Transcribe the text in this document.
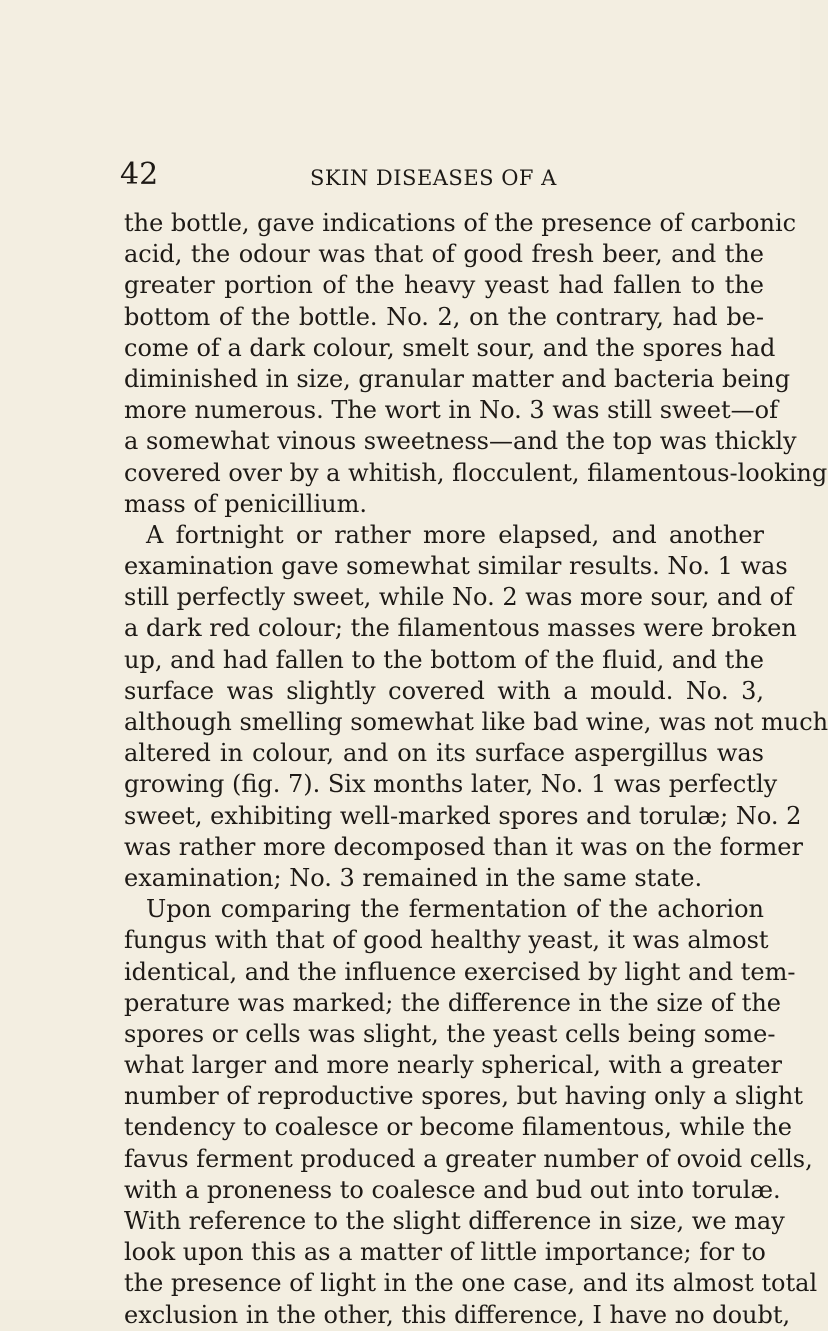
42	SKIN DISEASES OF A
the bottle, gave indications of the presence of carbonic
acid, the odour was that of good fresh beer, and the
greater portion of the heavy yeast had fallen to the
bottom of the bottle. No. 2, on the contrary, had be-
come of a dark colour, smelt sour, and the spores had
diminished in size, granular matter and bacteria being
more numerous. The wort in No. 3 was still sweet—of
a somewhat vinous sweetness—and the top was thickly
covered over by a whitish, flocculent, filamentous-looking
mass of penicillium.
A fortnight or rather more elapsed, and another
examination gave somewhat similar results. No. 1 was
still perfectly sweet, while No. 2 was more sour, and of
a dark red colour; the filamentous masses were broken
up, and had fallen to the bottom of the fluid, and the
surface was slightly covered with a mould. No. 3,
although smelling somewhat like bad wine, was not much
altered in colour, and on its surface aspergillus was
growing (fig. 7). Six months later, No. 1 was perfectly
sweet, exhibiting well-marked spores and torulæ; No. 2
was rather more decomposed than it was on the former
examination; No. 3 remained in the same state.
Upon comparing the fermentation of the achorion
fungus with that of good healthy yeast, it was almost
identical, and the influence exercised by light and tem-
perature was marked; the difference in the size of the
spores or cells was slight, the yeast cells being some-
what larger and more nearly spherical, with a greater
number of reproductive spores, but having only a slight
tendency to coalesce or become filamentous, while the
favus ferment produced a greater number of ovoid cells,
with a proneness to coalesce and bud out into torulæ.
With reference to the slight difference in size, we may
look upon this as a matter of little importance; for to
the presence of light in the one case, and its almost total
exclusion in the other, this difference, I have no doubt,
